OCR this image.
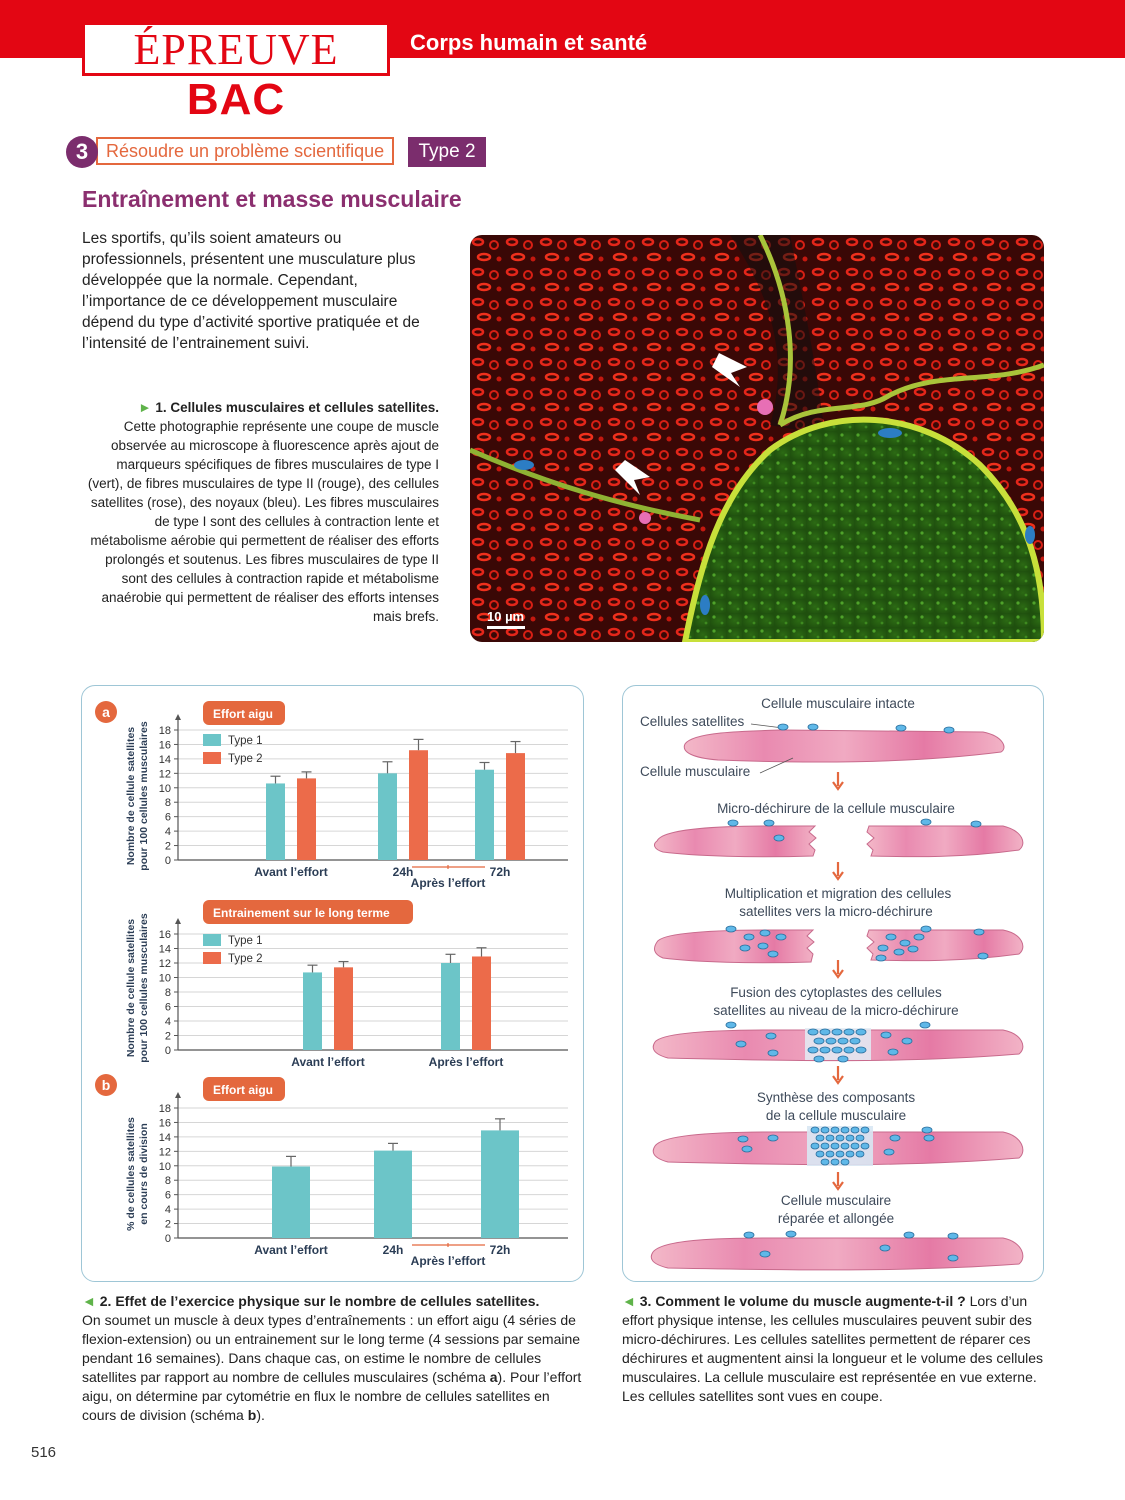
ÉPREUVE BAC
Corps humain et santé
Résoudre un problème scientifique
3	Type 2
Entraînement et masse musculaire
Les sportifs, qu’ils soient amateurs ou professionnels, présentent une musculature plus développée que la normale. Cependant, l’importance de ce développement musculaire dépend du type d’activité sportive pratiquée et de l’intensité de l’entrainement suivi.
► 1. Cellules musculaires et cellules satellites.
Cette photographie représente une coupe de muscle observée au microscope à fluorescence après ajout de marqueurs spécifiques de fibres musculaires de type I (vert), de fibres musculaires de type II (rouge), des cellules satellites (rose), des noyaux (bleu). Les fibres musculaires de type I sont des cellules à contraction lente et métabolisme aérobie qui permettent de réaliser des efforts prolongés et soutenus. Les fibres musculaires de type II sont des cellules à contraction rapide et métabolisme anaérobie qui permettent de réaliser des efforts intenses mais brefs.	10 µm
0
2
4
6
8
10
12
14
16
18
Nombre de cellule satellitespour 100 cellules musculaires
a	Effort aigu
Type 1
Type 2
Avant l’effort	24h	72h
Après l’effort
0
2
4
6
8
10
12
14
16
Nombre de cellule satellitespour 100 cellules musculaires
Entrainement sur le long terme
Type 1
Type 2
Avant l’effort	Après l’effort
0
2
4
6
8
10
12
14
16
18
% de cellules satellitesen cours de division
b	Effort aigu
Avant l’effort	24h	72h
Après l’effort
Cellule musculaire intacte
Cellules satellites
Cellule musculaire
Micro-déchirure de la cellule musculaire
Multiplication et migration des cellules
satellites vers la micro-déchirure
Fusion des cytoplastes des cellules
satellites au niveau de la micro-déchirure
Synthèse des composants
de la cellule musculaire
Cellule musculaire
réparée et allongée
◄ 2. Effet de l’exercice physique sur le nombre de cellules satellites.
On soumet un muscle à deux types d’entraînements : un effort aigu (4 séries de flexion-extension) ou un entrainement sur le long terme (4 sessions par semaine pendant 16 semaines). Dans chaque cas, on estime le nombre de cellules satellites par rapport au nombre de cellules musculaires (schéma a). Pour l’effort aigu, on détermine par cytométrie en flux le nombre de cellules satellites en cours de division (schéma b).
◄ 3. Comment le volume du muscle augmente-t-il ? Lors d’un effort physique intense, les cellules musculaires peuvent subir des micro-déchirures. Les cellules satellites permettent de réparer ces déchirures et augmentent ainsi la longueur et le volume des cellules musculaires. La cellule musculaire est représentée en vue externe. Les cellules satellites sont vues en coupe.
516
